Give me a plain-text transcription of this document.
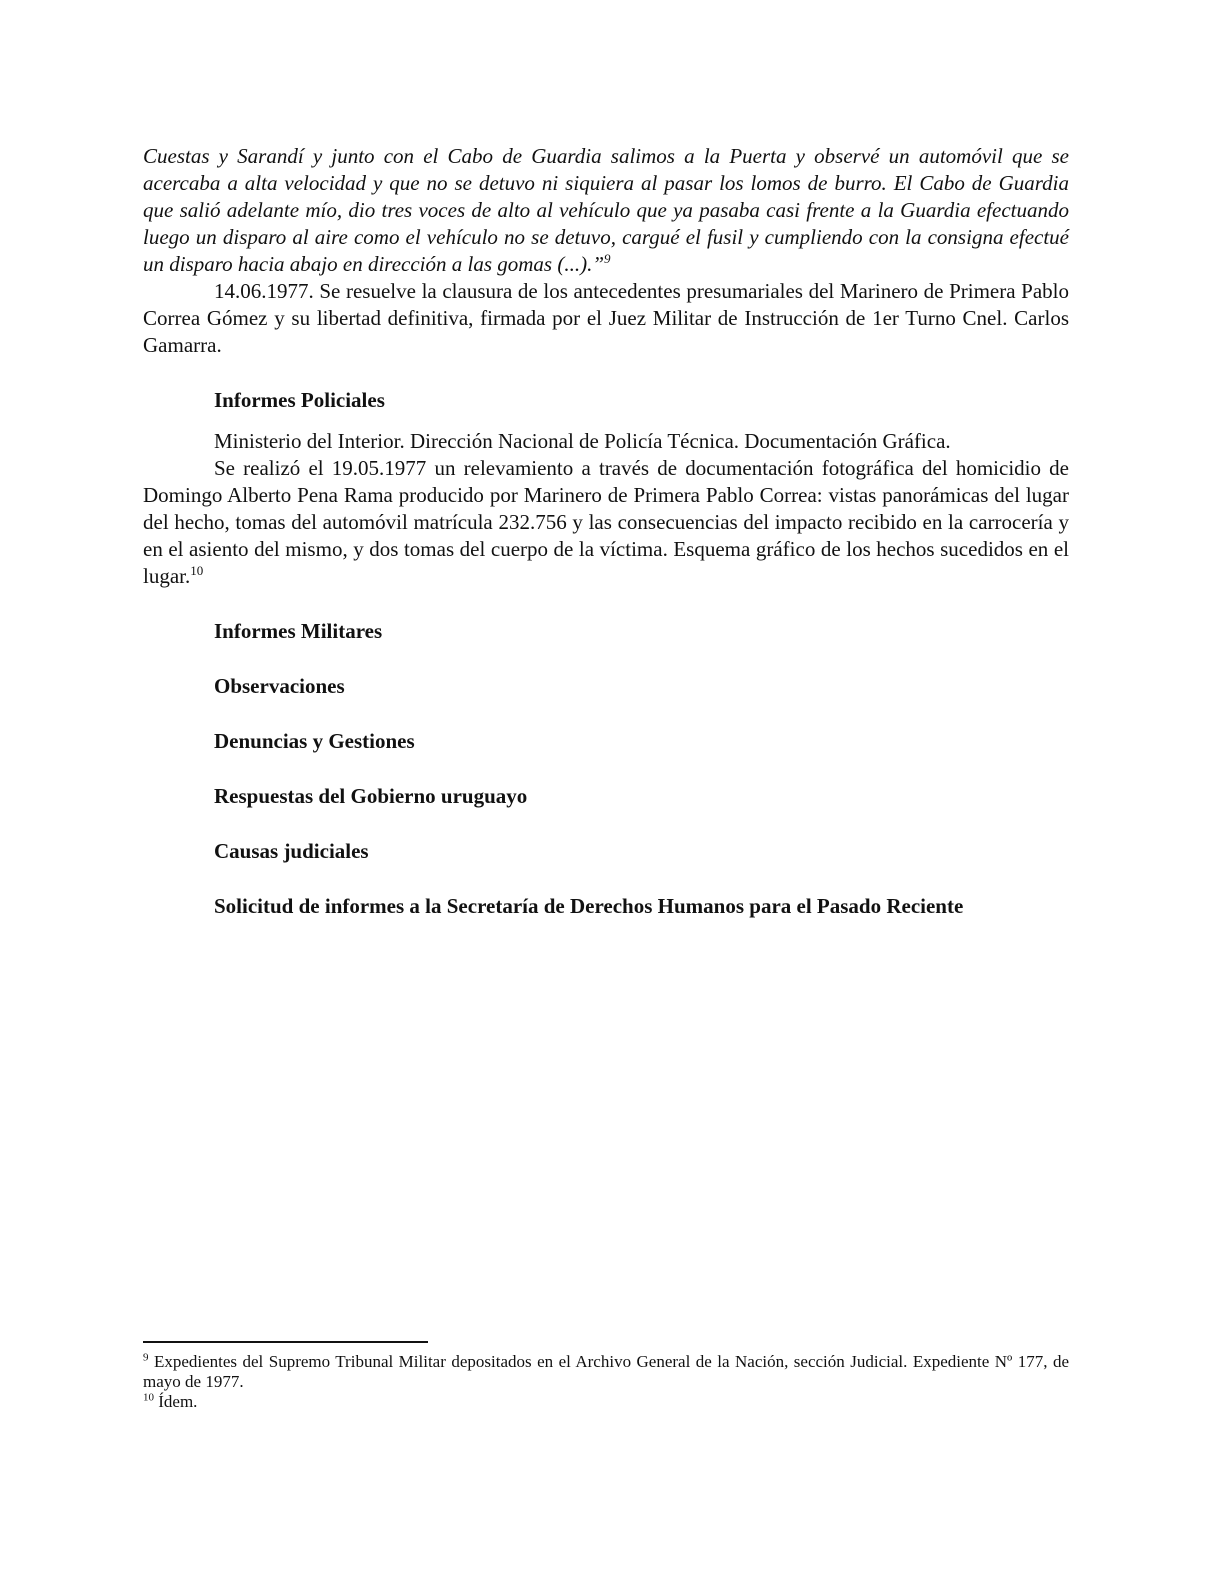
Cuestas y Sarandí y junto con el Cabo de Guardia salimos a la Puerta y observé un automóvil que se acercaba a alta velocidad y que no se detuvo ni siquiera al pasar los lomos de burro. El Cabo de Guardia que salió adelante mío, dio tres voces de alto al vehículo que ya pasaba casi frente a la Guardia efectuando luego un disparo al aire como el vehículo no se detuvo, cargué el fusil y cumpliendo con la consigna efectué un disparo hacia abajo en dirección a las gomas (...).”$^9$

14.06.1977. Se resuelve la clausura de los antecedentes presumariales del Marinero de Primera Pablo Correa Gómez y su libertad definitiva, firmada por el Juez Militar de Instrucción de 1er Turno Cnel. Carlos Gamarra.

Informes Policiales

Ministerio del Interior. Dirección Nacional de Policía Técnica. Documentación Gráfica.

Se realizó el 19.05.1977 un relevamiento a través de documentación fotográfica del homicidio de Domingo Alberto Pena Rama producido por Marinero de Primera Pablo Correa: vistas panorámicas del lugar del hecho, tomas del automóvil matrícula 232.756 y las consecuencias del impacto recibido en la carrocería y en el asiento del mismo, y dos tomas del cuerpo de la víctima. Esquema gráfico de los hechos sucedidos en el lugar.$^{10}$

Informes Militares

Observaciones

Denuncias y Gestiones

Respuestas del Gobierno uruguayo

Causas judiciales

Solicitud de informes a la Secretaría de Derechos Humanos para el Pasado Reciente

$^9$ Expedientes del Supremo Tribunal Militar depositados en el Archivo General de la Nación, sección Judicial. Expediente Nº 177, de mayo de 1977.

$^{10}$ Ídem.
